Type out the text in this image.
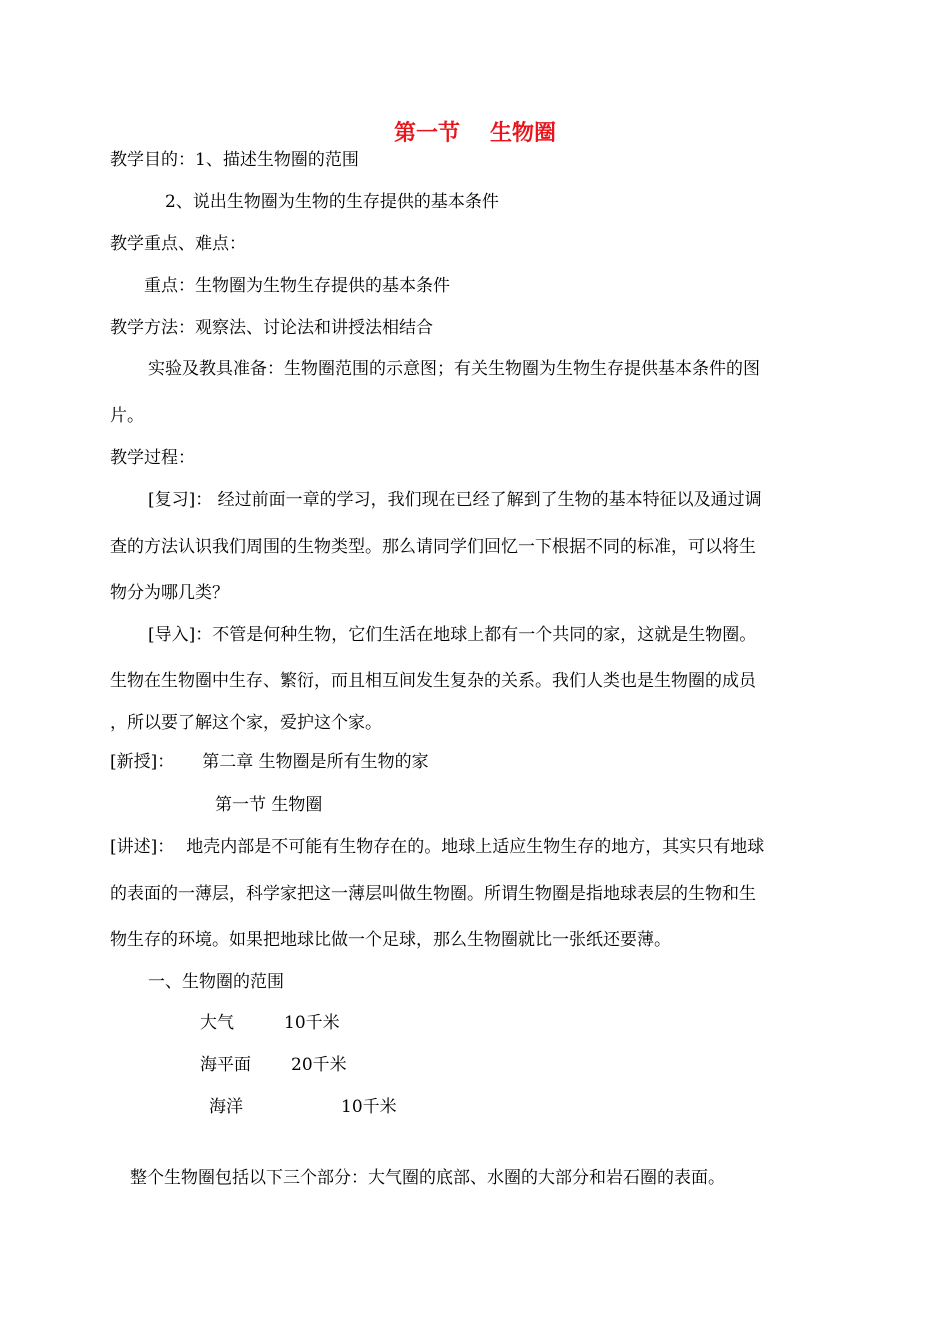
第一节 生物圈
教学目的：1、描述生物圈的范围
2、说出生物圈为生物的生存提供的基本条件
教学重点、难点：
重点：生物圈为生物生存提供的基本条件
教学方法：观察法、讨论法和讲授法相结合
实验及教具准备：生物圈范围的示意图；有关生物圈为生物生存提供基本条件的图
片。
教学过程：
[复习]： 经过前面一章的学习，我们现在已经了解到了生物的基本特征以及通过调
查的方法认识我们周围的生物类型。那么请同学们回忆一下根据不同的标准，可以将生
物分为哪几类？
[导入]：不管是何种生物，它们生活在地球上都有一个共同的家，这就是生物圈。
生物在生物圈中生存、繁衍，而且相互间发生复杂的关系。我们人类也是生物圈的成员
，所以要了解这个家，爱护这个家。
[新授]： 第二章 生物圈是所有生物的家
第一节 生物圈
[讲述]： 地壳内部是不可能有生物存在的。地球上适应生物生存的地方，其实只有地球
的表面的一薄层，科学家把这一薄层叫做生物圈。所谓生物圈是指地球表层的生物和生
物生存的环境。如果把地球比做一个足球，那么生物圈就比一张纸还要薄。
一、生物圈的范围
大气	10千米
海平面 20千米
海洋	10千米
整个生物圈包括以下三个部分：大气圈的底部、水圈的大部分和岩石圈的表面。
